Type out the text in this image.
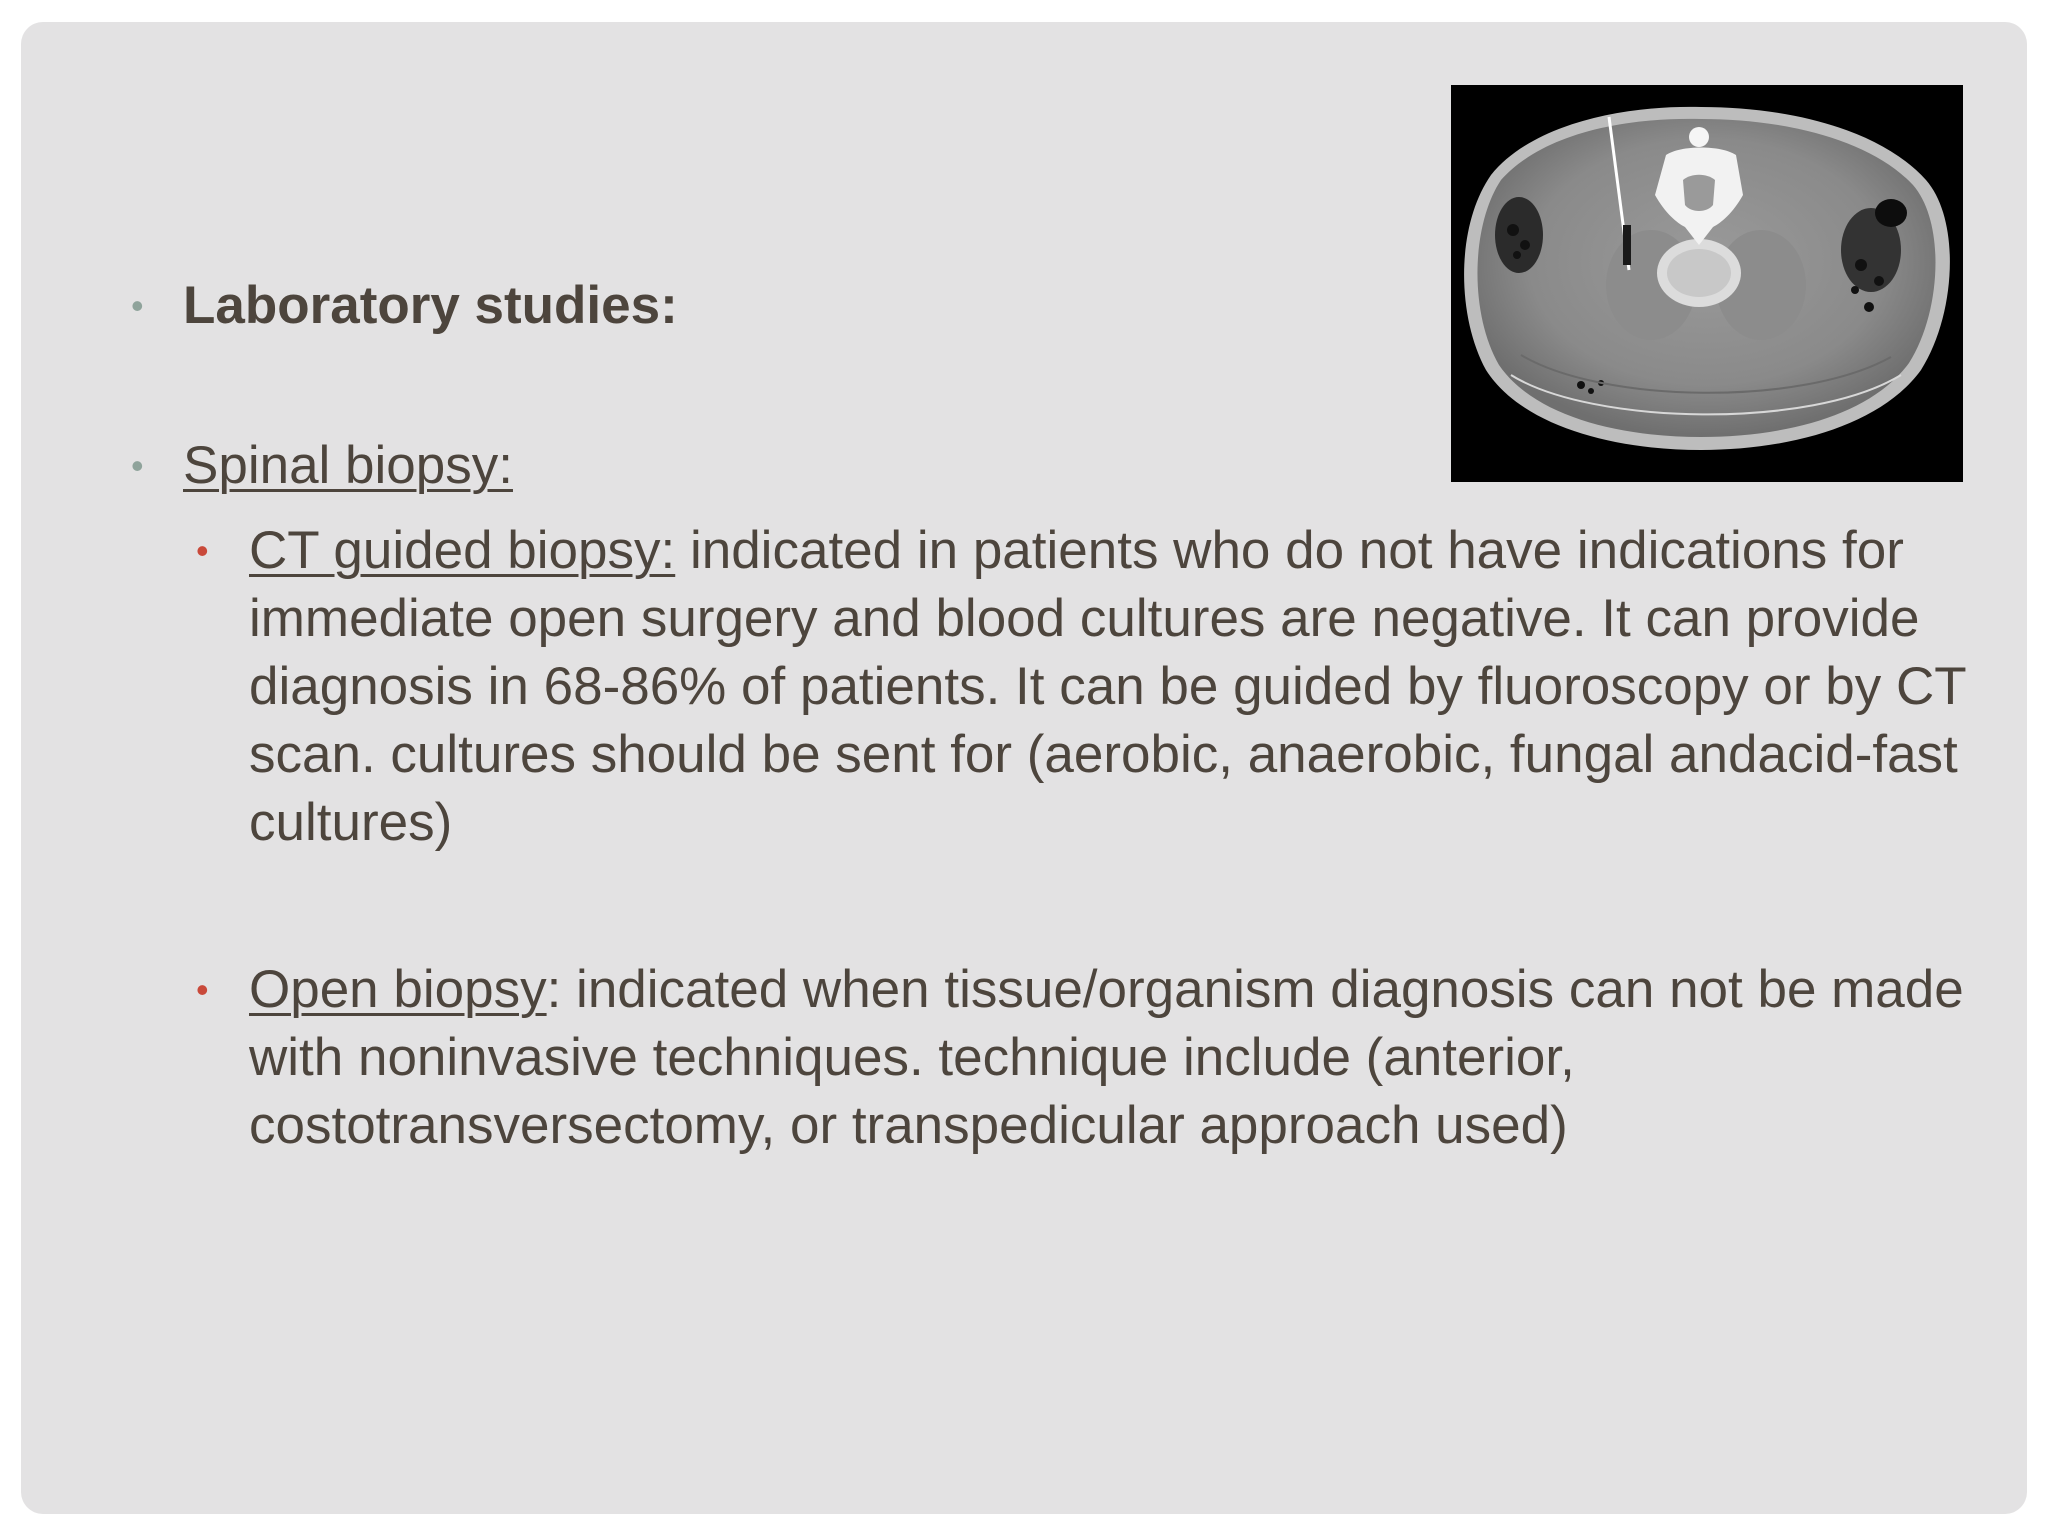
• Laboratory studies:
• Spinal biopsy:
• CT guided biopsy: indicated in patients who do not have indications for immediate open surgery and blood cultures are negative. It can provide diagnosis in 68-86% of patients. It can be guided by fluoroscopy or by CT scan. cultures should be sent for (aerobic, anaerobic, fungal andacid-fast cultures)
• Open biopsy: indicated when tissue/organism diagnosis can not be made with noninvasive techniques. technique include (anterior, costotransversectomy, or transpedicular approach used)
